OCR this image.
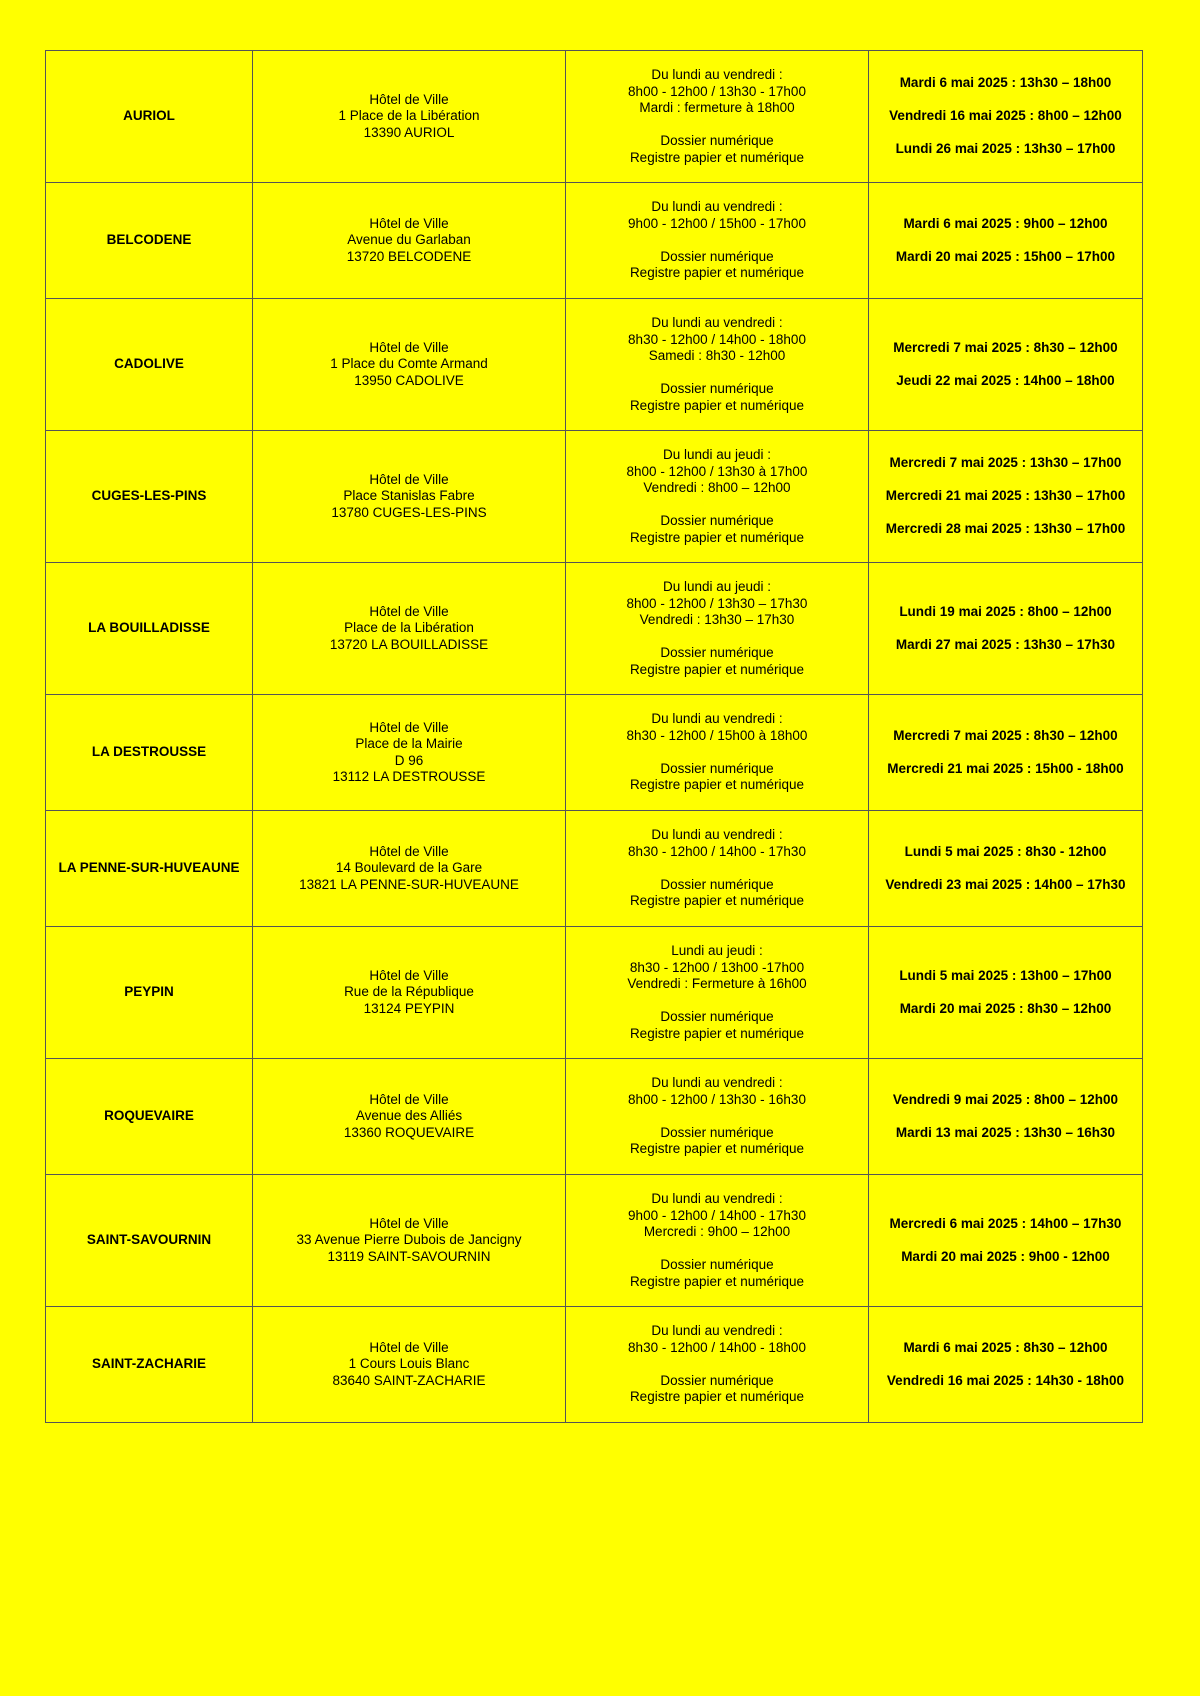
AURIOL	Hôtel de Ville
1 Place de la Libération
13390 AURIOL	Du lundi au vendredi :
8h00 - 12h00 / 13h30 - 17h00
Mardi : fermeture à 18h00
Dossier numérique
Registre papier et numérique	Mardi 6 mai 2025 : 13h30 – 18h00
Vendredi 16 mai 2025 : 8h00 – 12h00
Lundi 26 mai 2025 : 13h30 – 17h00

BELCODENE	Hôtel de Ville
Avenue du Garlaban
13720 BELCODENE	Du lundi au vendredi :
9h00 - 12h00 / 15h00 - 17h00
Dossier numérique
Registre papier et numérique	Mardi 6 mai 2025 : 9h00 – 12h00
Mardi 20 mai 2025 : 15h00 – 17h00

CADOLIVE	Hôtel de Ville
1 Place du Comte Armand
13950 CADOLIVE	Du lundi au vendredi :
8h30 - 12h00 / 14h00 - 18h00
Samedi : 8h30 - 12h00
Dossier numérique
Registre papier et numérique	Mercredi 7 mai 2025 : 8h30 – 12h00
Jeudi 22 mai 2025 : 14h00 – 18h00

CUGES-LES-PINS	Hôtel de Ville
Place Stanislas Fabre
13780 CUGES-LES-PINS	Du lundi au jeudi :
8h00 - 12h00 / 13h30 à 17h00
Vendredi : 8h00 – 12h00
Dossier numérique
Registre papier et numérique	Mercredi 7 mai 2025 : 13h30 – 17h00
Mercredi 21 mai 2025 : 13h30 – 17h00
Mercredi 28 mai 2025 : 13h30 – 17h00

LA BOUILLADISSE	Hôtel de Ville
Place de la Libération
13720 LA BOUILLADISSE	Du lundi au jeudi :
8h00 - 12h00 / 13h30 – 17h30
Vendredi : 13h30 – 17h30
Dossier numérique
Registre papier et numérique	Lundi 19 mai 2025 : 8h00 – 12h00
Mardi 27 mai 2025 : 13h30 – 17h30

LA DESTROUSSE	Hôtel de Ville
Place de la Mairie
D 96
13112 LA DESTROUSSE	Du lundi au vendredi :
8h30 - 12h00 / 15h00 à 18h00
Dossier numérique
Registre papier et numérique	Mercredi 7 mai 2025 : 8h30 – 12h00
Mercredi 21 mai 2025 : 15h00 - 18h00

LA PENNE-SUR-HUVEAUNE	Hôtel de Ville
14 Boulevard de la Gare
13821 LA PENNE-SUR-HUVEAUNE	Du lundi au vendredi :
8h30 - 12h00 / 14h00 - 17h30
Dossier numérique
Registre papier et numérique	Lundi 5 mai 2025 : 8h30 - 12h00
Vendredi 23 mai 2025 : 14h00 – 17h30

PEYPIN	Hôtel de Ville
Rue de la République
13124 PEYPIN	Lundi au jeudi :
8h30 - 12h00 / 13h00 -17h00
Vendredi : Fermeture à 16h00
Dossier numérique
Registre papier et numérique	Lundi 5 mai 2025 : 13h00 – 17h00
Mardi 20 mai 2025 : 8h30 – 12h00

ROQUEVAIRE	Hôtel de Ville
Avenue des Alliés
13360 ROQUEVAIRE	Du lundi au vendredi :
8h00 - 12h00 / 13h30 - 16h30
Dossier numérique
Registre papier et numérique	Vendredi 9 mai 2025 : 8h00 – 12h00
Mardi 13 mai 2025 : 13h30 – 16h30

SAINT-SAVOURNIN	Hôtel de Ville
33 Avenue Pierre Dubois de Jancigny
13119 SAINT-SAVOURNIN	Du lundi au vendredi :
9h00 - 12h00 / 14h00 - 17h30
Mercredi : 9h00 – 12h00
Dossier numérique
Registre papier et numérique	Mercredi 6 mai 2025 : 14h00 – 17h30
Mardi 20 mai 2025 : 9h00 - 12h00

SAINT-ZACHARIE	Hôtel de Ville
1 Cours Louis Blanc
83640 SAINT-ZACHARIE	Du lundi au vendredi :
8h30 - 12h00 / 14h00 - 18h00
Dossier numérique
Registre papier et numérique	Mardi 6 mai 2025 : 8h30 – 12h00
Vendredi 16 mai 2025 : 14h30 - 18h00
